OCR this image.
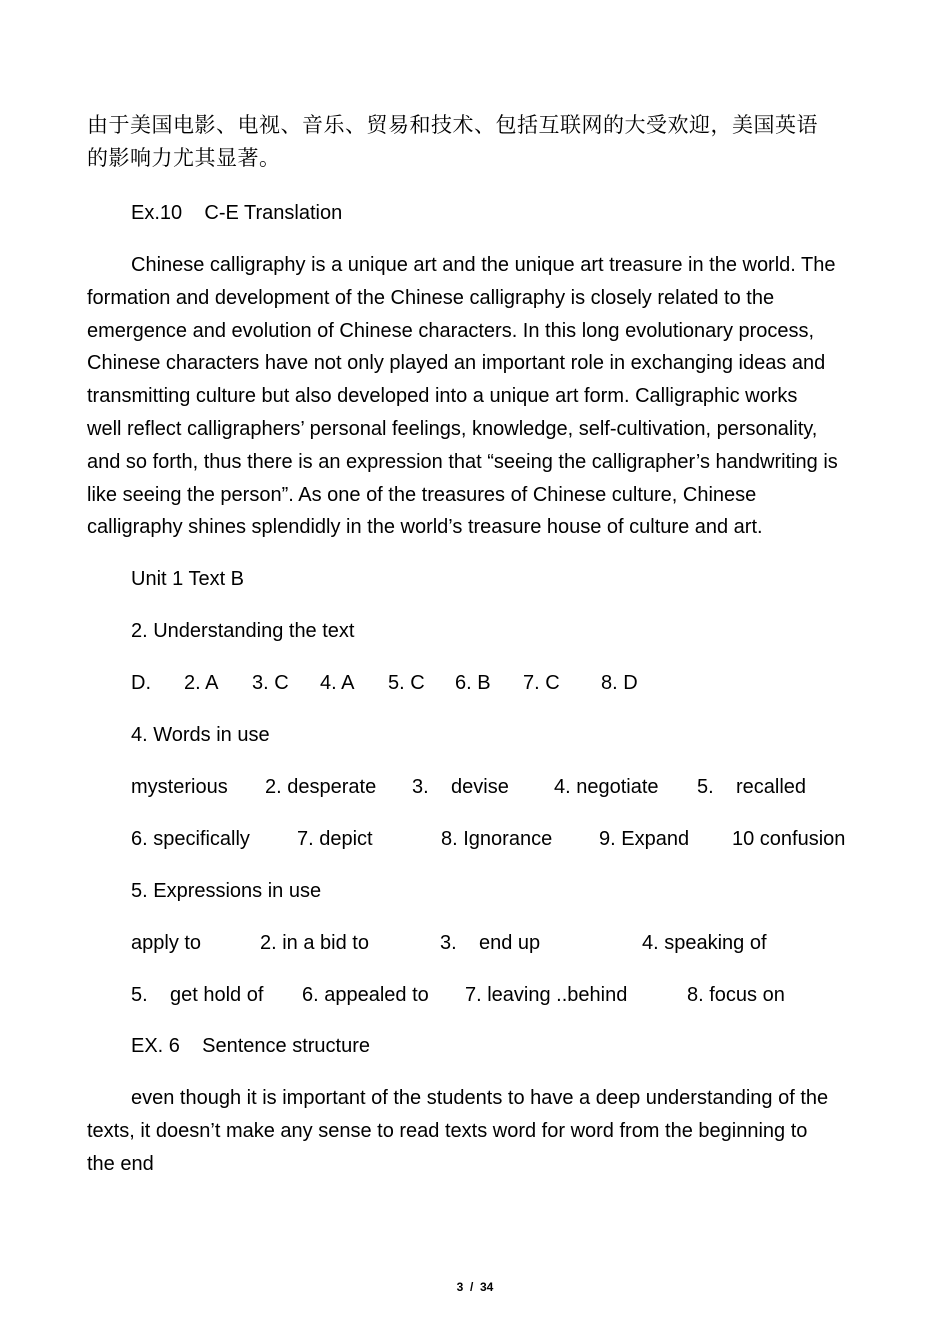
由于美国电影、电视、音乐、贸易和技术、包括互联网的大受欢迎，美国英语
的影响力尤其显著。
Ex.10    C-E Translation
Chinese calligraphy is a unique art and the unique art treasure in the world. The
formation and development of the Chinese calligraphy is closely related to the
emergence and evolution of Chinese characters. In this long evolutionary process,
Chinese characters have not only played an important role in exchanging ideas and
transmitting culture but also developed into a unique art form. Calligraphic works
well reflect calligraphers’ personal feelings, knowledge, self-cultivation, personality,
and so forth, thus there is an expression that “seeing the calligrapher’s handwriting is
like seeing the person”. As one of the treasures of Chinese culture, Chinese
calligraphy shines splendidly in the world’s treasure house of culture and art.
Unit 1 Text B
2. Understanding the text
D. 2. A 3. C 4. A 5. C 6. B 7. C 8. D
4. Words in use
mysterious 2. desperate 3. devise 4. negotiate 5. recalled
6. specifically 7. depict	8. Ignorance 9. Expand 10 confusion
5. Expressions in use
apply to	2. in a bid to	3. end up	4. speaking of
5. get hold of 6. appealed to 7. leaving ..behind	8. focus on
EX. 6    Sentence structure
even though it is important of the students to have a deep understanding of the
texts, it doesn’t make any sense to read texts word for word from the beginning to
the end
3  /  34
